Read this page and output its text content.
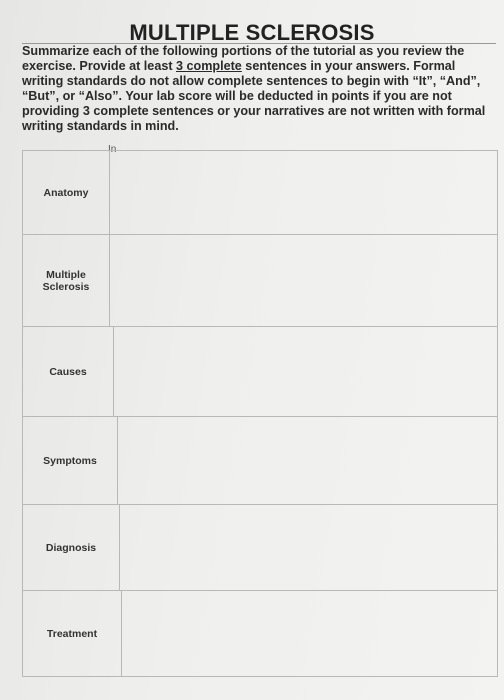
MULTIPLE SCLEROSIS
Summarize each of the following portions of the tutorial as you review the exercise. Provide at least 3 complete sentences in your answers. Formal writing standards do not allow complete sentences to begin with “It”, “And”, “But”, or “Also”. Your lab score will be deducted in points if you are not providing 3 complete sentences or your narratives are not written with formal writing standards in mind.
In
Anatomy
Multiple Sclerosis
Causes
Symptoms
Diagnosis
Treatment
